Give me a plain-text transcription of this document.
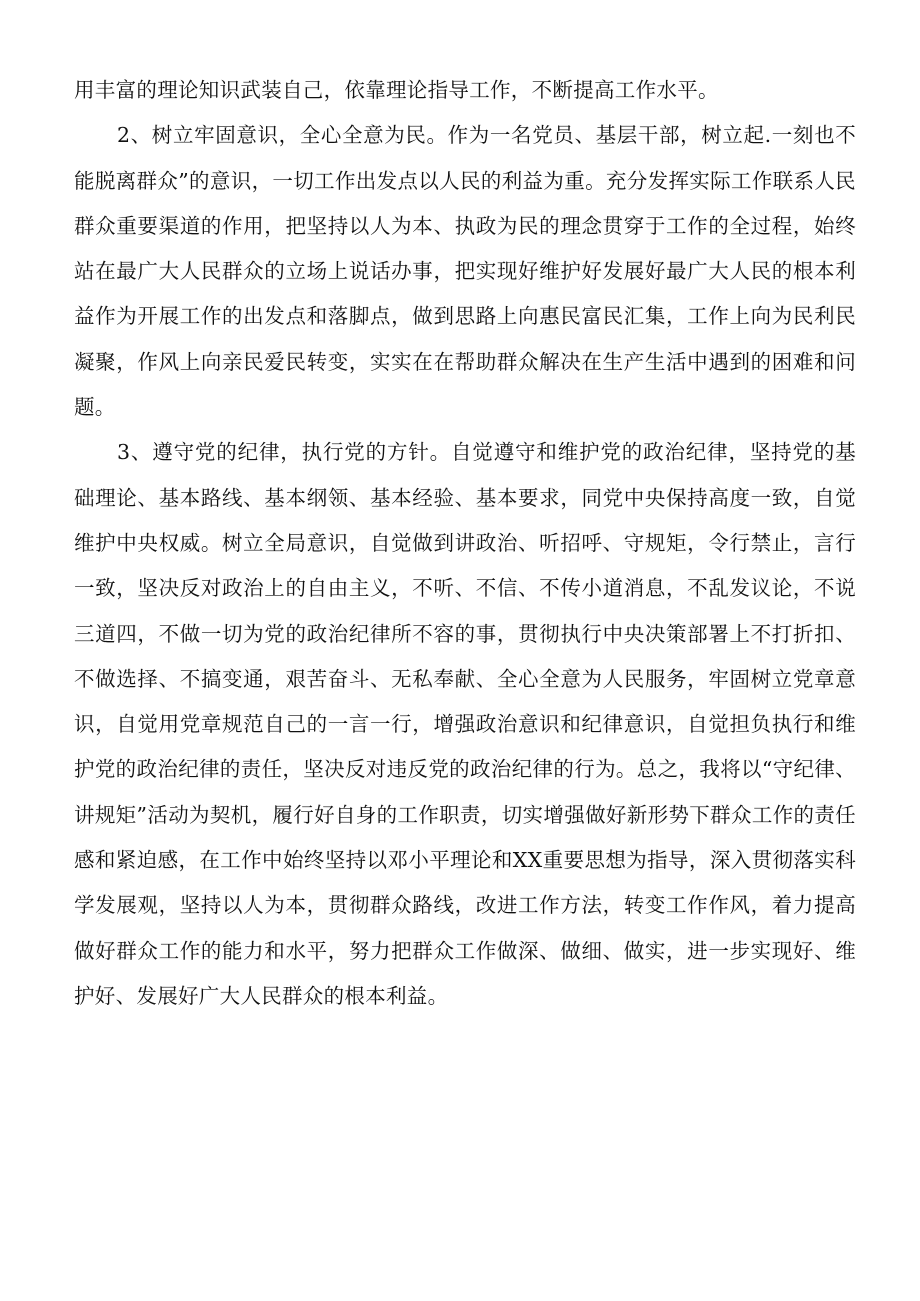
用丰富的理论知识武装自己，依靠理论指导工作，不断提高工作水平。

2、树立牢固意识，全心全意为民。作为一名党员、基层干部，树立起.一刻也不能脱离群众”的意识，一切工作出发点以人民的利益为重。充分发挥实际工作联系人民群众重要渠道的作用，把坚持以人为本、执政为民的理念贯穿于工作的全过程，始终站在最广大人民群众的立场上说话办事，把实现好维护好发展好最广大人民的根本利益作为开展工作的出发点和落脚点，做到思路上向惠民富民汇集，工作上向为民利民凝聚，作风上向亲民爱民转变，实实在在帮助群众解决在生产生活中遇到的困难和问题。

3、遵守党的纪律，执行党的方针。自觉遵守和维护党的政治纪律，坚持党的基础理论、基本路线、基本纲领、基本经验、基本要求，同党中央保持高度一致，自觉维护中央权威。树立全局意识，自觉做到讲政治、听招呼、守规矩，令行禁止，言行一致，坚决反对政治上的自由主义，不听、不信、不传小道消息，不乱发议论，不说三道四，不做一切为党的政治纪律所不容的事，贯彻执行中央决策部署上不打折扣、不做选择、不搞变通，艰苦奋斗、无私奉献、全心全意为人民服务，牢固树立党章意识，自觉用党章规范自己的一言一行，增强政治意识和纪律意识，自觉担负执行和维护党的政治纪律的责任，坚决反对违反党的政治纪律的行为。总之，我将以“守纪律、讲规矩”活动为契机，履行好自身的工作职责，切实增强做好新形势下群众工作的责任感和紧迫感，在工作中始终坚持以邓小平理论和XX重要思想为指导，深入贯彻落实科学发展观，坚持以人为本，贯彻群众路线，改进工作方法，转变工作作风，着力提高做好群众工作的能力和水平，努力把群众工作做深、做细、做实，进一步实现好、维护好、发展好广大人民群众的根本利益。
